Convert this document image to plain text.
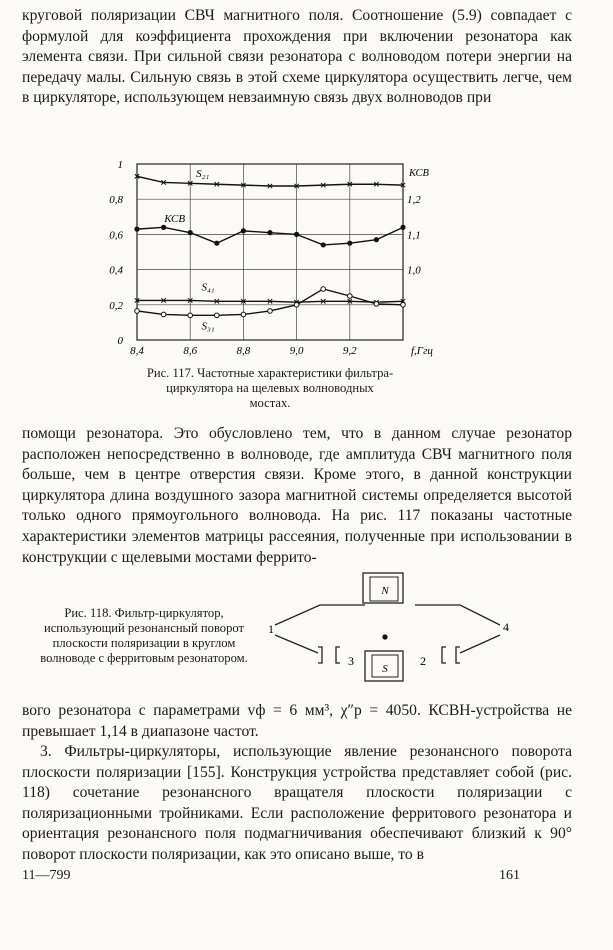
круговой поляризации СВЧ магнитного поля. Соотношение (5.9) совпадает с формулой для коэффициента прохождения при включении резонатора как элемента связи. При сильной связи резонатора с волноводом потери энергии на передачу малы. Сильную связь в этой схеме циркулятора осуществить легче, чем в циркуляторе, использующем невзаимную связь двух волноводов при

0
0,2
0,4
0,6
0,8
1
8,4	8,6	8,8	9,0	9,2	f,Ггц
КСВ
1,0
1,1
1,2
S₂₁
КСВ
S₄₁
S₃₁

Рис. 117. Частотные характеристики фильтра-циркулятора на щелевых волноводных мостах.

помощи резонатора. Это обусловлено тем, что в данном случае резонатор расположен непосредственно в волноводе, где амплитуда СВЧ магнитного поля больше, чем в центре отверстия связи. Кроме этого, в данной конструкции циркулятора длина воздушного зазора магнитной системы определяется высотой только одного прямоугольного волновода. На рис. 117 показаны частотные характеристики элементов матрицы рассеяния, полученные при использовании в конструкции с щелевыми мостами феррито-

Рис. 118. Фильтр-циркулятор, использующий резонансный поворот плоскости поляризации в круглом волноводе с ферритовым резонатором.

N
S
1	4
3	2

вого резонатора с параметрами vф = 6 мм³, χ″р = 4050. КСВН-устройства не превышает 1,14 в диапазоне частот.

3. Фильтры-циркуляторы, использующие явление резонансного поворота плоскости поляризации [155]. Конструкция устройства представляет собой (рис. 118) сочетание резонансного вращателя плоскости поляризации с поляризационными тройниками. Если расположение ферритового резонатора и ориентация резонансного поля подмагничивания обеспечивают близкий к 90° поворот плоскости поляризации, как это описано выше, то в

11—799	161
